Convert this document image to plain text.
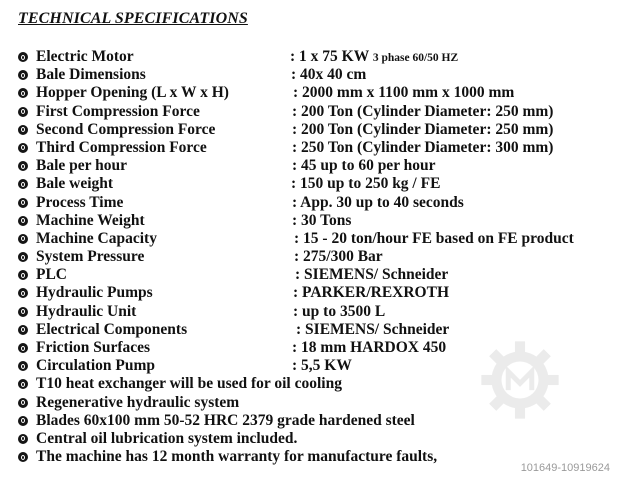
TECHNICAL SPECIFICATIONS
Electric Motor	: 1 x 75 KW 3 phase 60/50 HZ
Bale Dimensions	: 40x 40 cm
Hopper Opening (L x W x H)	: 2000 mm x 1100 mm x 1000 mm
First Compression Force	: 200 Ton (Cylinder Diameter: 250 mm)
Second Compression Force	: 200 Ton (Cylinder Diameter: 250 mm)
Third Compression Force	: 250 Ton (Cylinder Diameter: 300 mm)
Bale per hour	: 45 up to 60 per hour
Bale weight	: 150 up to 250 kg / FE
Process Time	: App. 30 up to 40 seconds
Machine Weight	: 30 Tons
Machine Capacity	: 15 - 20 ton/hour FE based on FE product
System Pressure	: 275/300 Bar
PLC	: SIEMENS/ Schneider
Hydraulic Pumps	: PARKER/REXROTH
Hydraulic Unit	: up to 3500 L
Electrical Components	: SIEMENS/ Schneider
Friction Surfaces	: 18 mm HARDOX 450
Circulation Pump	: 5,5 KW
T10 heat exchanger will be used for oil cooling
Regenerative hydraulic system
Blades 60x100 mm 50-52 HRC 2379 grade hardened steel
Central oil lubrication system included.
The machine has 12 month warranty for manufacture faults,
101649-10919624
